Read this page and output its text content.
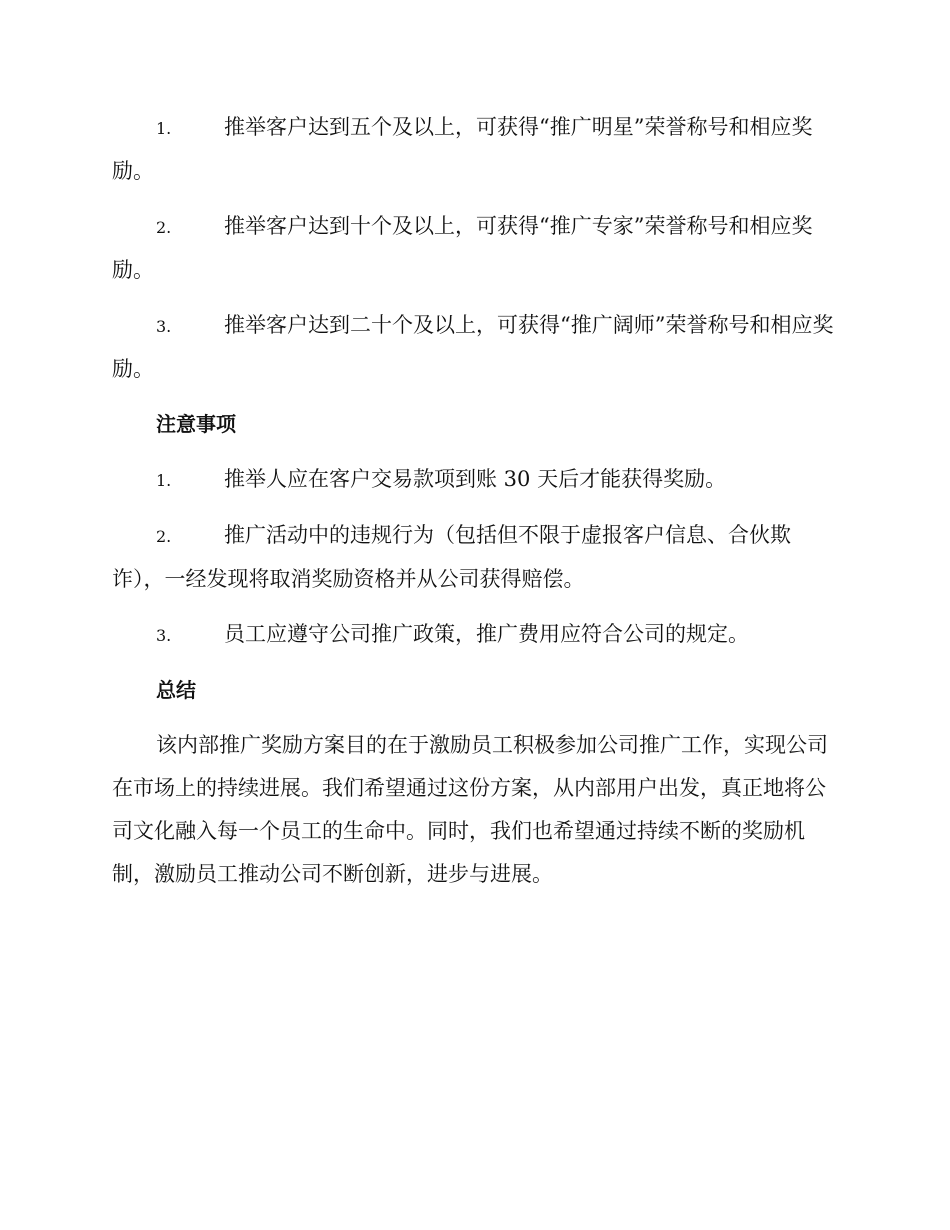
1.	推举客户达到五个及以上，可获得“推广明星”荣誉称号和相应奖励。
2.	推举客户达到十个及以上，可获得“推广专家”荣誉称号和相应奖励。
3.	推举客户达到二十个及以上，可获得“推广阔师”荣誉称号和相应奖励。
注意事项
1.	推举人应在客户交易款项到账 30 天后才能获得奖励。
2.	推广活动中的违规行为（包括但不限于虚报客户信息、合伙欺诈），一经发现将取消奖励资格并从公司获得赔偿。
3.	员工应遵守公司推广政策，推广费用应符合公司的规定。
总结

该内部推广奖励方案目的在于激励员工积极参加公司推广工作，实现公司在市场上的持续进展。我们希望通过这份方案，从内部用户出发，真正地将公司文化融入每一个员工的生命中。同时，我们也希望通过持续不断的奖励机制，激励员工推动公司不断创新，进步与进展。
